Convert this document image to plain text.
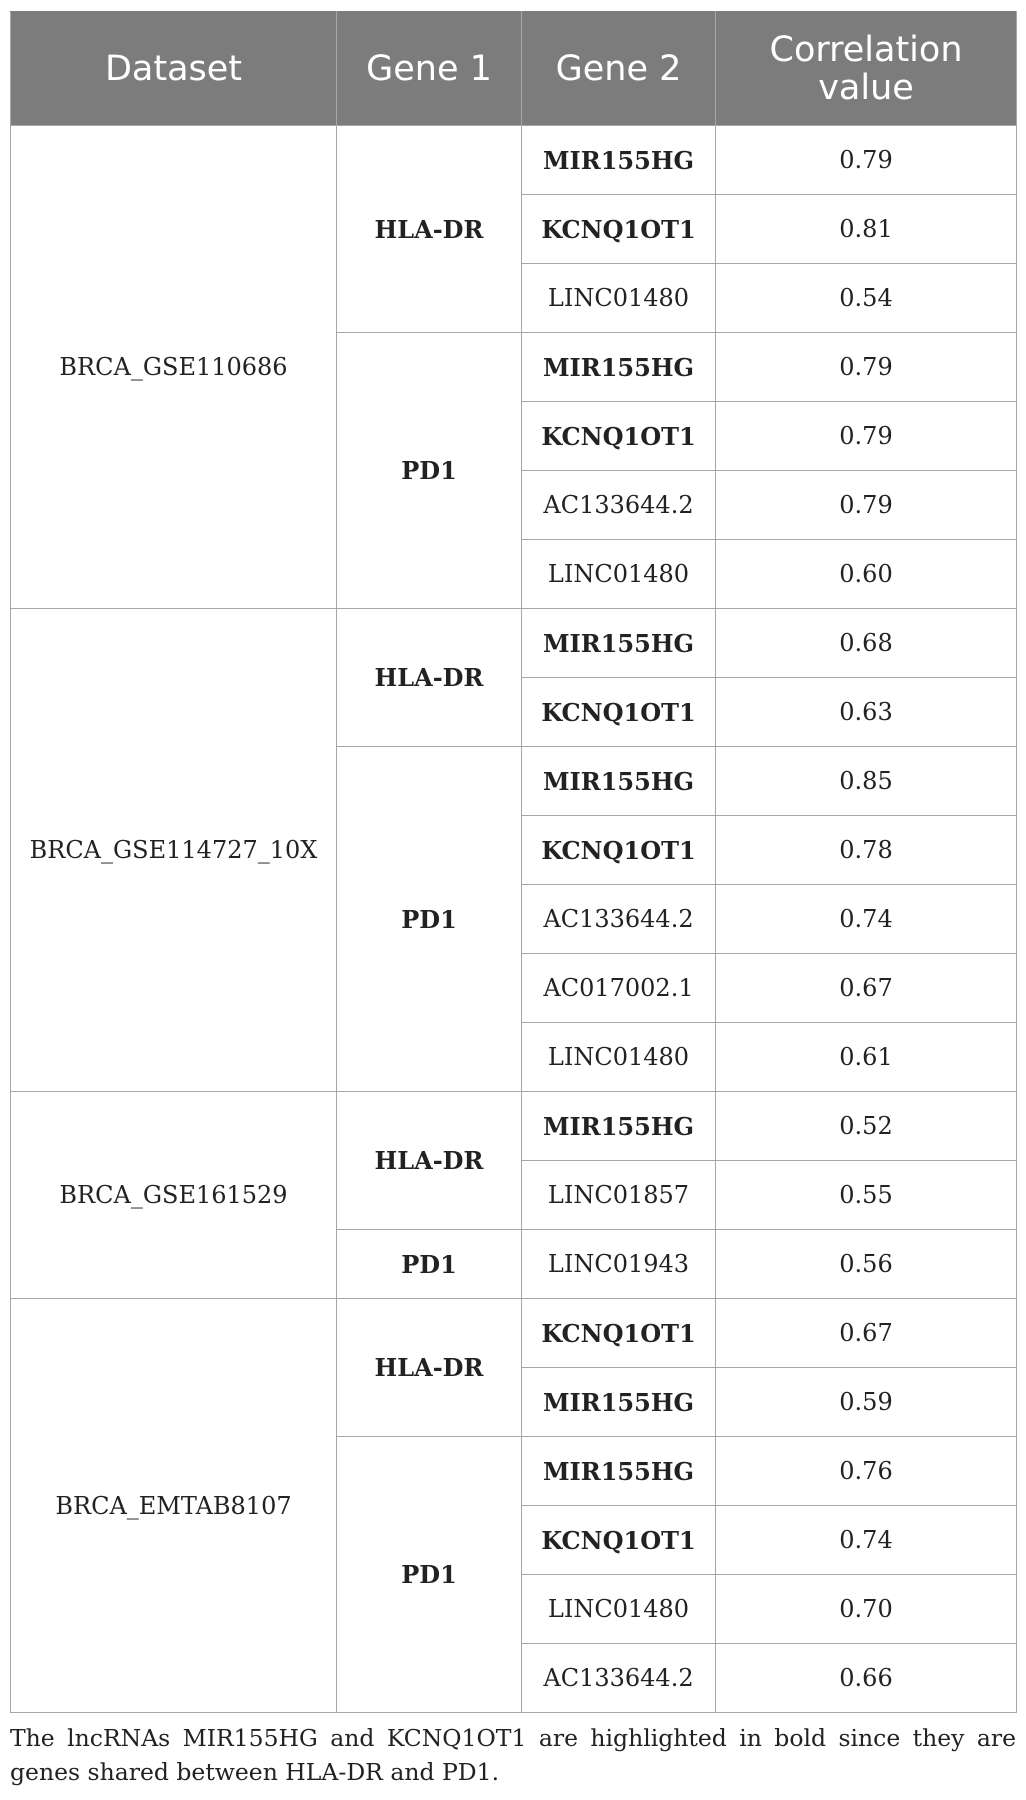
Dataset	Gene 1	Gene 2	Correlation value
BRCA_GSE110686	HLA-DR	MIR155HG	0.79
		KCNQ1OT1	0.81
		LINC01480	0.54
	PD1	MIR155HG	0.79
		KCNQ1OT1	0.79
		AC133644.2	0.79
		LINC01480	0.60
BRCA_GSE114727_10X	HLA-DR	MIR155HG	0.68
		KCNQ1OT1	0.63
	PD1	MIR155HG	0.85
		KCNQ1OT1	0.78
		AC133644.2	0.74
		AC017002.1	0.67
		LINC01480	0.61
BRCA_GSE161529	HLA-DR	MIR155HG	0.52
		LINC01857	0.55
	PD1	LINC01943	0.56
BRCA_EMTAB8107	HLA-DR	KCNQ1OT1	0.67
		MIR155HG	0.59
	PD1	MIR155HG	0.76
		KCNQ1OT1	0.74
		LINC01480	0.70
		AC133644.2	0.66
The lncRNAs MIR155HG and KCNQ1OT1 are highlighted in bold since they are genes shared between HLA-DR and PD1.
